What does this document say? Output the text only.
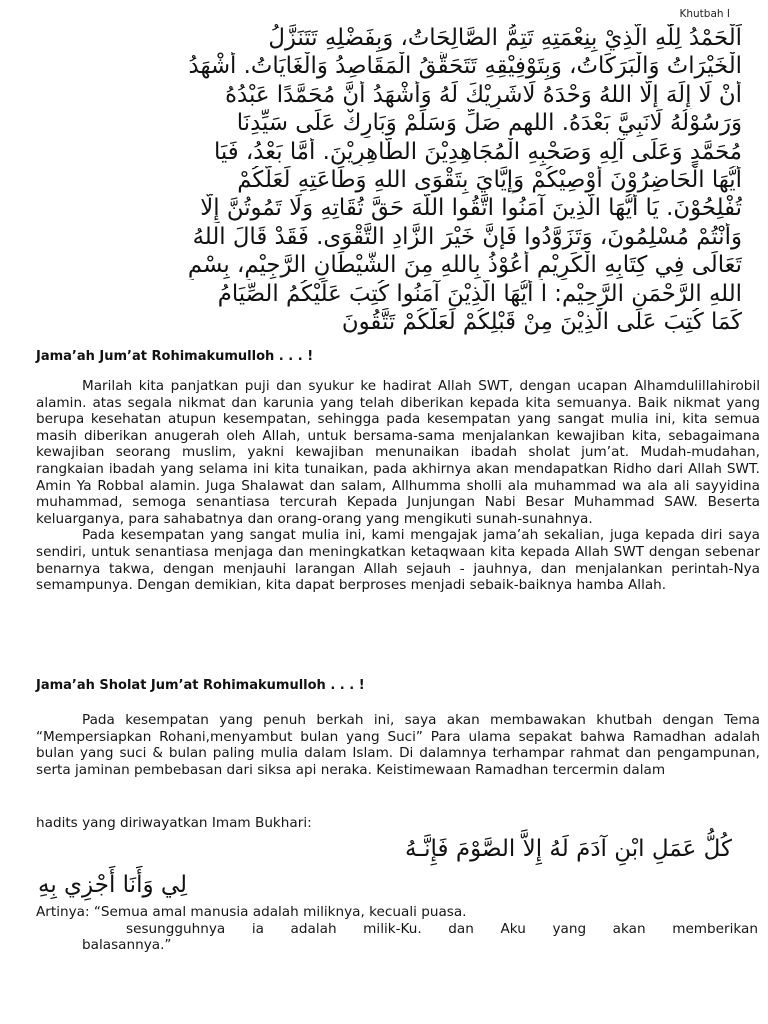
Khutbah I
اَلْحَمْدُ لِلّٰهِ الَّذِيْ بِنِعْمَتِهِ تَتِمُّ الصَّالِحَاتُ، وَبِفَضْلِهِ تَتَنَزَّلُ
الْخَيْرَاتُ وَالْبَرَكَاتُ، وَبِتَوْفِيْقِهِ تَتَحَقَّقُ الْمَقَاصِدُ وَالْغَايَاتُ. أَشْهَدُ
أَنْ لَا إِلَهَ إِلَّا اللهُ وَحْدَهُ لَاشَرِيْكَ لَهُ وَأَشْهَدُ أَنَّ مُحَمَّدًا عَبْدُهُ
وَرَسُوْلُهُ لَانَبِيَّ بَعْدَهُ. اللهم صَلِّ وَسَلِّمْ وَبَارِكْ عَلَى سَيِّدِنَا
مُحَمَّدٍ وَعَلَى آلِهِ وَصَحْبِهِ الْمُجَاهِدِيْنَ الطَّاهِرِيْنَ. أَمَّا بَعْدُ، فَيَا
أَيُّهَا الْحَاضِرُوْنَ أُوْصِيْكُمْ وَإِيَّايَ بِتَقْوَى اللهِ وَطَاعَتِهِ لَعَلَّكُمْ
تُفْلِحُوْنَ. يَا أَيُّهَا الَّذِينَ آمَنُوا اتَّقُوا اللَّهَ حَقَّ تُقَاتِهِ وَلَا تَمُوتُنَّ إِلَّا
وَأَنْتُمْ مُسْلِمُونَ، وَتَزَوَّدُوا فَإِنَّ خَيْرَ الزَّادِ التَّقْوَى. فَقَدْ قَالَ اللهُ
تَعَالَى فِي كِتَابِهِ الْكَرِيْمِ أَعُوْذُ بِاللهِ مِنَ الشَّيْطَانِ الرَّجِيْمِ، بِسْمِ
اللهِ الرَّحْمَنِ الرَّحِيْمِ: ا أَيُّهَا الَّذِيْنَ آمَنُوا كُتِبَ عَلَيْكُمُ الصِّيَامُ
كَمَا كُتِبَ عَلَى الَّذِيْنَ مِنْ قَبْلِكُمْ لَعَلَّكُمْ تَتَّقُونَ
Jama’ah Jum’at Rohimakumulloh . . . !

Marilah kita panjatkan puji dan syukur ke hadirat Allah SWT, dengan ucapan Alhamdulillahirobil alamin. atas segala nikmat dan karunia yang telah diberikan kepada kita semuanya. Baik nikmat yang berupa kesehatan atupun kesempatan, sehingga pada kesempatan yang sangat mulia ini, kita semua masih diberikan anugerah oleh Allah, untuk bersama-sama menjalankan kewajiban kita, sebagaimana kewajiban seorang muslim, yakni kewajiban menunaikan ibadah sholat jum’at. Mudah-mudahan, rangkaian ibadah yang selama ini kita tunaikan, pada akhirnya akan mendapatkan Ridho dari Allah SWT. Amin Ya Robbal alamin. Juga Shalawat dan salam, Allhumma sholli ala muhammad wa ala ali sayyidina muhammad, semoga senantiasa tercurah Kepada Junjungan Nabi Besar Muhammad SAW. Beserta keluarganya, para sahabatnya dan orang-orang yang mengikuti sunah-sunahnya.

Pada kesempatan yang sangat mulia ini, kami mengajak jama’ah sekalian, juga kepada diri saya sendiri, untuk senantiasa menjaga dan meningkatkan ketaqwaan kita kepada Allah SWT dengan sebenar benarnya takwa, dengan menjauhi larangan Allah sejauh - jauhnya, dan menjalankan perintah-Nya semampunya. Dengan demikian, kita dapat berproses menjadi sebaik-baiknya hamba Allah.

Jama’ah Sholat Jum’at Rohimakumulloh . . . !

Pada kesempatan yang penuh berkah ini, saya akan membawakan khutbah dengan Tema “Mempersiapkan Rohani,menyambut bulan yang Suci” Para ulama sepakat bahwa Ramadhan adalah bulan yang suci & bulan paling mulia dalam Islam. Di dalamnya terhampar rahmat dan pengampunan, serta jaminan pembebasan dari siksa api neraka. Keistimewaan Ramadhan tercermin dalam

hadits yang diriwayatkan Imam Bukhari:
كُلُّ عَمَلِ ابْنِ آدَمَ لَهُ إِلاَّ الصَّوْمَ فَإِنَّـهُ
لِي وَأَنَا أَجْزِي بِهِ
Artinya: “Semua amal manusia adalah miliknya, kecuali puasa.
sesungguhnya ia adalah milik-Ku. dan Aku yang akan memberikan
balasannya.”
